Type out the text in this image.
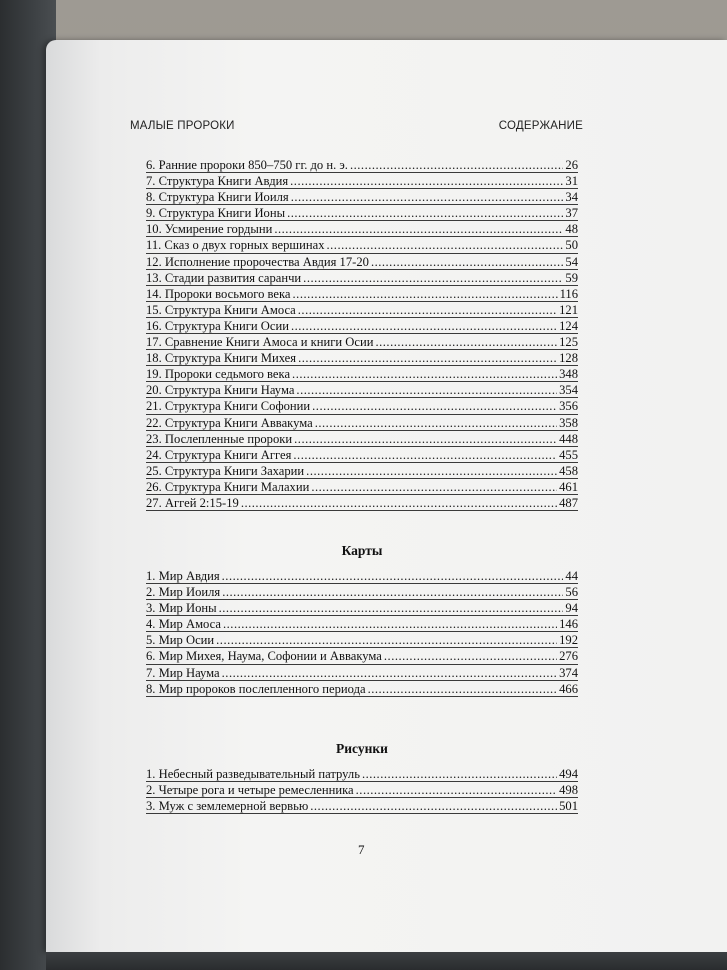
МАЛЫЕ ПРОРОКИ	СОДЕРЖАНИЕ
6. Ранние пророки 850–750 гг. до н. э. .....	26
7. Структура Книги Авдия .....	31
8. Структура Книги Иоиля .....	34
9. Структура Книги Ионы .....	37
10. Усмирение гордыни .....	48
11. Сказ о двух горных вершинах .....	50
12. Исполнение пророчества Авдия 17-20 .....	54
13. Стадии развития саранчи .....	59
14. Пророки восьмого века .....	116
15. Структура Книги Амоса .....	121
16. Структура Книги Осии .....	124
17. Сравнение Книги Амоса и книги Осии .....	125
18. Структура Книги Михея .....	128
19. Пророки седьмого века .....	348
20. Структура Книги Наума .....	354
21. Структура Книги Софонии .....	356
22. Структура Книги Аввакума .....	358
23. Послепленные пророки .....	448
24. Структура Книги Аггея .....	455
25. Структура Книги Захарии .....	458
26. Структура Книги Малахии .....	461
27. Аггей 2:15-19 .....	487
Карты
1. Мир Авдия .....	44
2. Мир Иоиля .....	56
3. Мир Ионы .....	94
4. Мир Амоса .....	146
5. Мир Осии .....	192
6. Мир Михея, Наума, Софонии и Аввакума .....	276
7. Мир Наума .....	374
8. Мир пророков послепленного периода .....	466
Рисунки
1. Небесный разведывательный патруль .....	494
2. Четыре рога и четыре ремесленника .....	498
3. Муж с землемерной вервью .....	501
7
